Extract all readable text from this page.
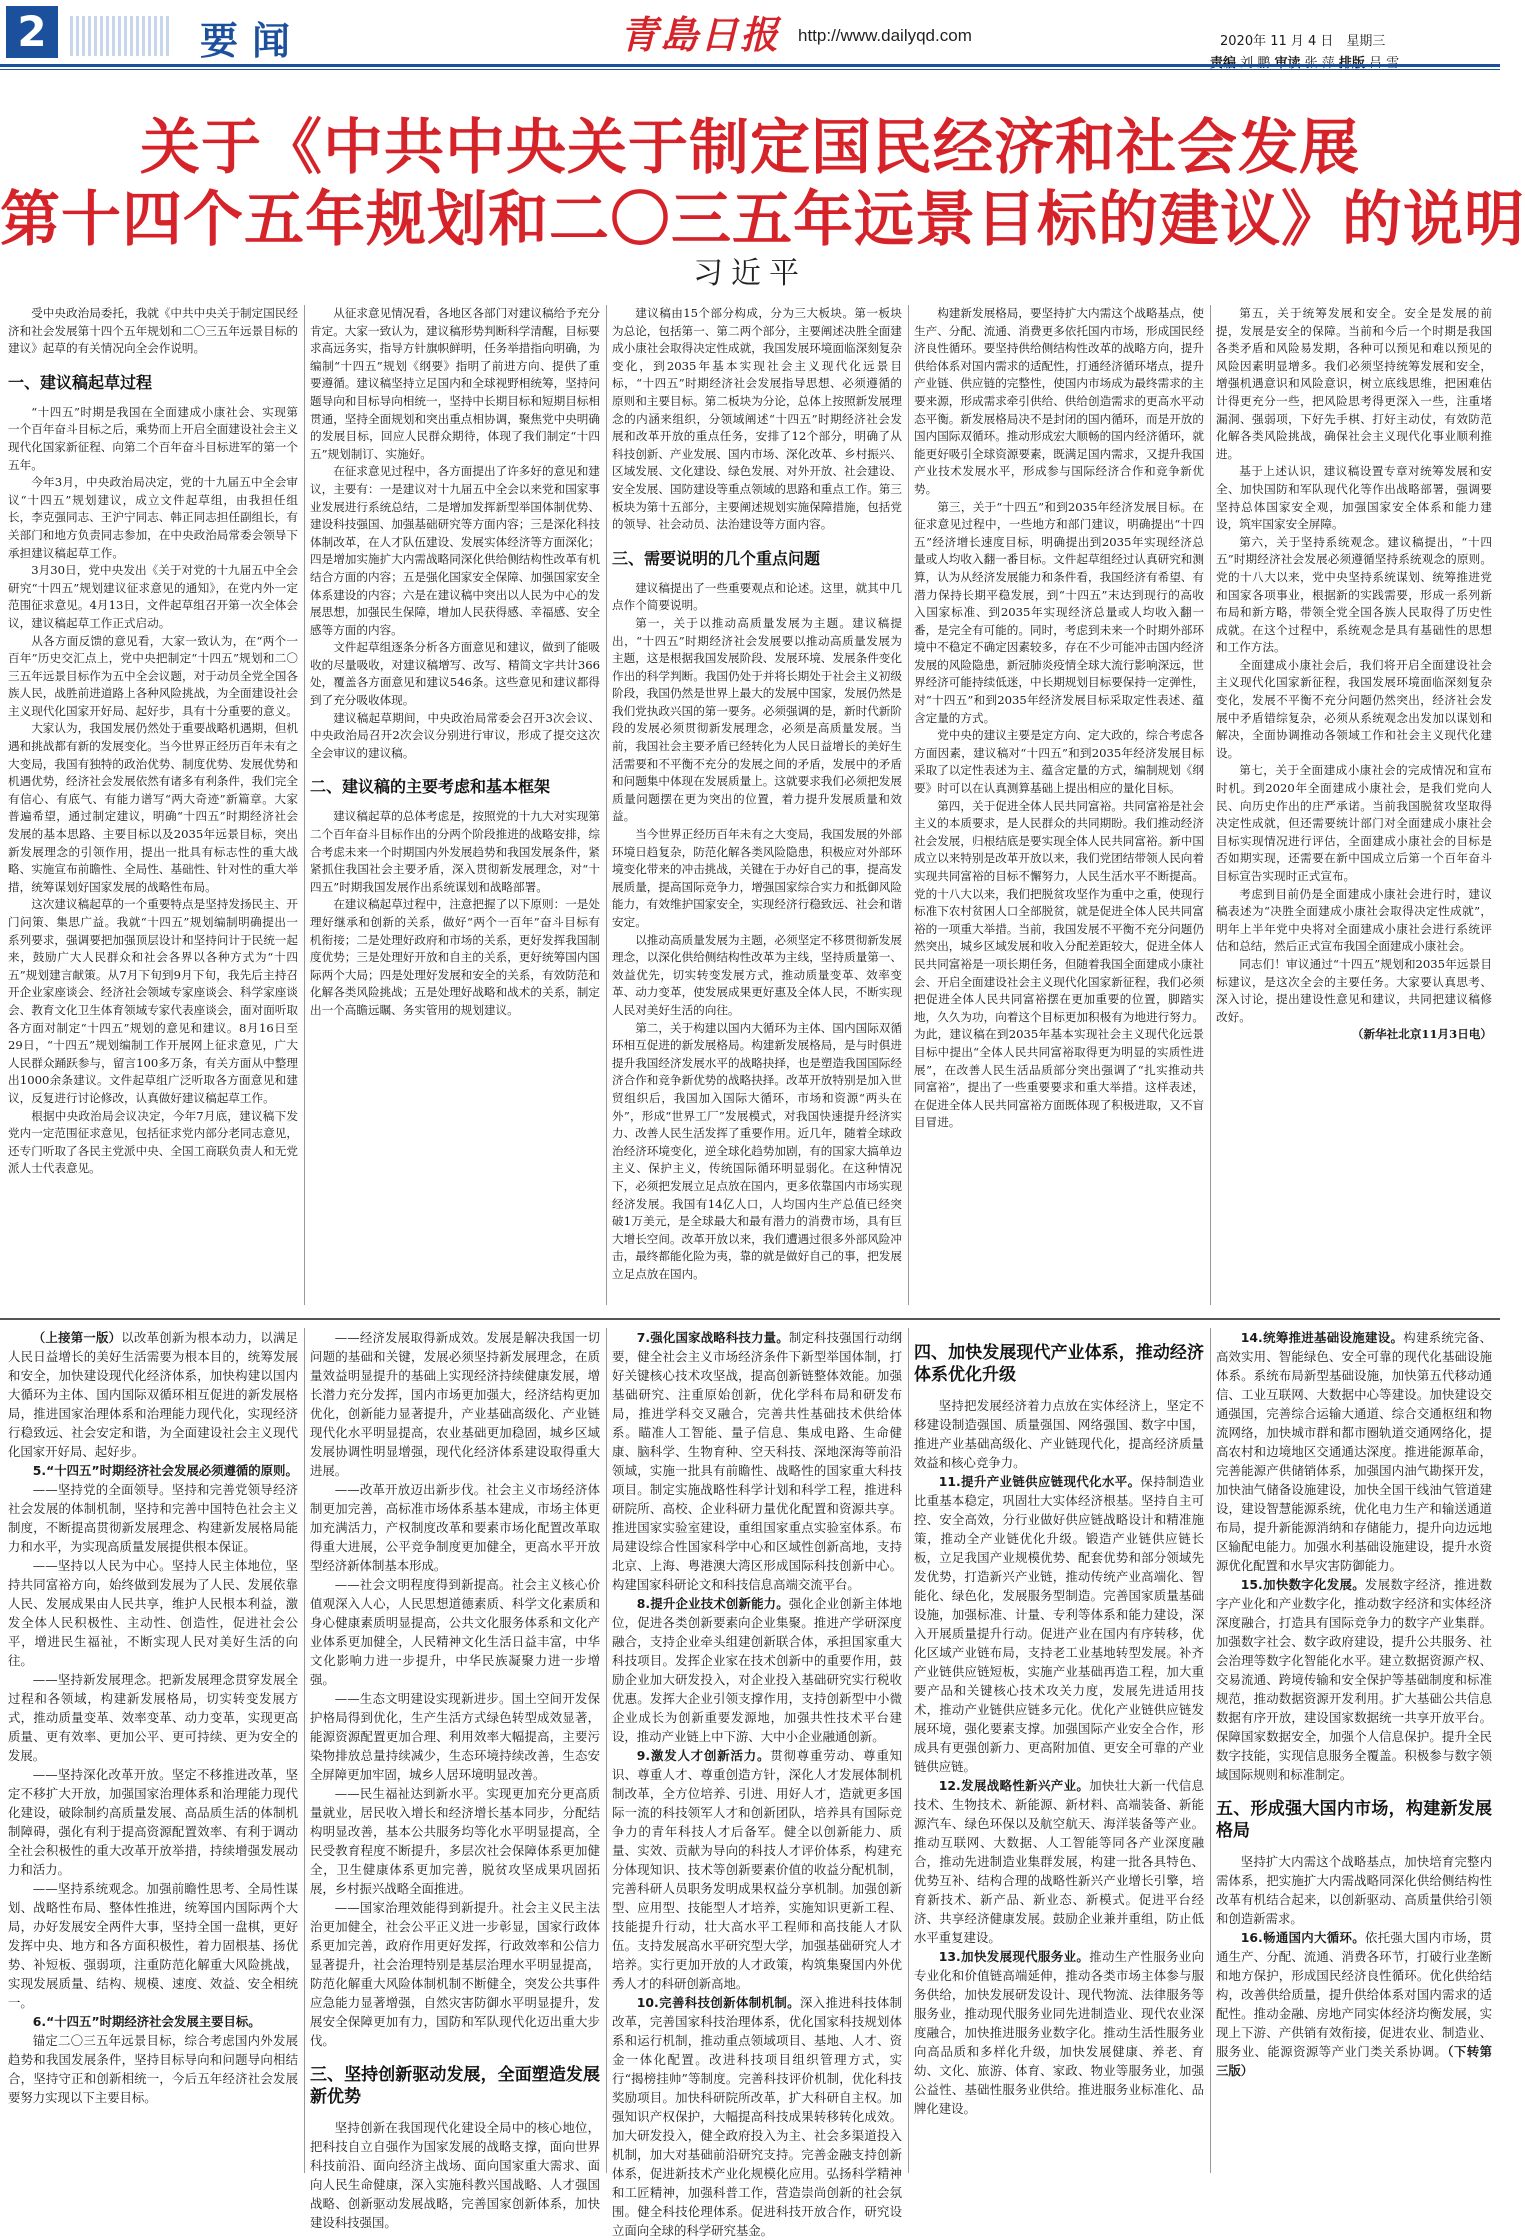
2	要闻	青島日报 http://www.dailyqd.com	2020年 11 月 4 日　星期三
关于《中共中央关于制定国民经济和社会发展
第十四个五年规划和二〇三五年远景目标的建议》的说明
习近平

受中央政治局委托，我就《中共中央关于制定国民经济和社会发展第十四个五年规划和二〇三五年远景目标的建议》起草的有关情况向全会作说明。

一、建议稿起草过程

“十四五”时期是我国在全面建成小康社会、实现第一个百年奋斗目标之后，乘势而上开启全面建设社会主义现代化国家新征程、向第二个百年奋斗目标进军的第一个五年。

今年3月，中央政治局决定，党的十九届五中全会审议“十四五”规划建议，成立文件起草组，由我担任组长，李克强同志、王沪宁同志、韩正同志担任副组长，有关部门和地方负责同志参加，在中央政治局常委会领导下承担建议稿起草工作。

3月30日，党中央发出《关于对党的十九届五中全会研究“十四五”规划建议征求意见的通知》，在党内外一定范围征求意见。4月13日，文件起草组召开第一次全体会议，建议稿起草工作正式启动。

从各方面反馈的意见看，大家一致认为，在“两个一百年”历史交汇点上，党中央把制定“十四五”规划和二〇三五年远景目标作为五中全会议题，对于动员全党全国各族人民，战胜前进道路上各种风险挑战，为全面建设社会主义现代化国家开好局、起好步，具有十分重要的意义。

大家认为，我国发展仍然处于重要战略机遇期，但机遇和挑战都有新的发展变化。当今世界正经历百年未有之大变局，我国有独特的政治优势、制度优势、发展优势和机遇优势，经济社会发展依然有诸多有利条件，我们完全有信心、有底气、有能力谱写“两大奇迹”新篇章。大家普遍希望，通过制定建议，明确“十四五”时期经济社会发展的基本思路、主要目标以及2035年远景目标，突出新发展理念的引领作用，提出一批具有标志性的重大战略、实施宣布前瞻性、全局性、基础性、针对性的重大举措，统筹谋划好国家发展的战略性布局。

这次建议稿起草的一个重要特点是坚持发扬民主、开门问策、集思广益。我就“十四五”规划编制明确提出一系列要求，强调要把加强顶层设计和坚持问计于民统一起来，鼓励广大人民群众和社会各界以各种方式为“十四五”规划建言献策。从7月下旬到9月下旬，我先后主持召开企业家座谈会、经济社会领域专家座谈会、科学家座谈会、教育文化卫生体育领域专家代表座谈会，面对面听取各方面对制定“十四五”规划的意见和建议。8月16日至29日，“十四五”规划编制工作开展网上征求意见，广大人民群众踊跃参与，留言100多万条，有关方面从中整理出1000余条建议。文件起草组广泛听取各方面意见和建议，反复进行讨论修改，认真做好建议稿起草工作。

根据中央政治局会议决定，今年7月底，建议稿下发党内一定范围征求意见，包括征求党内部分老同志意见，还专门听取了各民主党派中央、全国工商联负责人和无党派人士代表意见。

从征求意见情况看，各地区各部门对建议稿给予充分肯定。大家一致认为，建议稿形势判断科学清醒，目标要求高远务实，指导方针旗帜鲜明，任务举措指向明确，为编制“十四五”规划《纲要》指明了前进方向、提供了重要遵循。建议稿坚持立足国内和全球视野相统筹，坚持问题导向和目标导向相统一，坚持中长期目标和短期目标相贯通，坚持全面规划和突出重点相协调，聚焦党中央明确的发展目标，回应人民群众期待，体现了我们制定“十四五”规划制订、实施好。

在征求意见过程中，各方面提出了许多好的意见和建议，主要有：一是建议对十九届五中全会以来党和国家事业发展进行系统总结，二是增加发挥新型举国体制优势、建设科技强国、加强基础研究等方面内容；三是深化科技体制改革，在人才队伍建设、发展实体经济等方面深化；四是增加实施扩大内需战略同深化供给侧结构性改革有机结合方面的内容；五是强化国家安全保障、加强国家安全体系建设的内容；六是在建议稿中突出以人民为中心的发展思想，加强民生保障，增加人民获得感、幸福感、安全感等方面的内容。

文件起草组逐条分析各方面意见和建议，做到了能吸收的尽量吸收，对建议稿增写、改写、精简文字共计366处，覆盖各方面意见和建议546条。这些意见和建议都得到了充分吸收体现。

建议稿起草期间，中央政治局常委会召开3次会议、中央政治局召开2次会议分别进行审议，形成了提交这次全会审议的建议稿。

二、建议稿的主要考虑和基本框架

建议稿起草的总体考虑是，按照党的十九大对实现第二个百年奋斗目标作出的分两个阶段推进的战略安排，综合考虑未来一个时期国内外发展趋势和我国发展条件，紧紧抓住我国社会主要矛盾，深入贯彻新发展理念，对“十四五”时期我国发展作出系统谋划和战略部署。

在建议稿起草过程中，注意把握了以下原则：一是处理好继承和创新的关系，做好“两个一百年”奋斗目标有机衔接；二是处理好政府和市场的关系，更好发挥我国制度优势；三是处理好开放和自主的关系，更好统筹国内国际两个大局；四是处理好发展和安全的关系，有效防范和化解各类风险挑战；五是处理好战略和战术的关系，制定出一个高瞻远瞩、务实管用的规划建议。

建议稿由15个部分构成，分为三大板块。第一板块为总论，包括第一、第二两个部分，主要阐述决胜全面建成小康社会取得决定性成就，我国发展环境面临深刻复杂变化，到2035年基本实现社会主义现代化远景目标，“十四五”时期经济社会发展指导思想、必须遵循的原则和主要目标。第二板块为分论，总体上按照新发展理念的内涵来组织，分领域阐述“十四五”时期经济社会发展和改革开放的重点任务，安排了12个部分，明确了从科技创新、产业发展、国内市场、深化改革、乡村振兴、区域发展、文化建设、绿色发展、对外开放、社会建设、安全发展、国防建设等重点领域的思路和重点工作。第三板块为第十五部分，主要阐述规划实施保障措施，包括党的领导、社会动员、法治建设等方面内容。

三、需要说明的几个重点问题

建议稿提出了一些重要观点和论述。这里，就其中几点作个简要说明。

第一，关于以推动高质量发展为主题。建议稿提出，“十四五”时期经济社会发展要以推动高质量发展为主题，这是根据我国发展阶段、发展环境、发展条件变化作出的科学判断。我国仍处于并将长期处于社会主义初级阶段，我国仍然是世界上最大的发展中国家，发展仍然是我们党执政兴国的第一要务。必须强调的是，新时代新阶段的发展必须贯彻新发展理念，必须是高质量发展。当前，我国社会主要矛盾已经转化为人民日益增长的美好生活需要和不平衡不充分的发展之间的矛盾，发展中的矛盾和问题集中体现在发展质量上。这就要求我们必须把发展质量问题摆在更为突出的位置，着力提升发展质量和效益。

当今世界正经历百年未有之大变局，我国发展的外部环境日趋复杂，防范化解各类风险隐患，积极应对外部环境变化带来的冲击挑战，关键在于办好自己的事，提高发展质量，提高国际竞争力，增强国家综合实力和抵御风险能力，有效维护国家安全，实现经济行稳致远、社会和谐安定。

以推动高质量发展为主题，必须坚定不移贯彻新发展理念，以深化供给侧结构性改革为主线，坚持质量第一、效益优先，切实转变发展方式，推动质量变革、效率变革、动力变革，使发展成果更好惠及全体人民，不断实现人民对美好生活的向往。

第二，关于构建以国内大循环为主体、国内国际双循环相互促进的新发展格局。构建新发展格局，是与时俱进提升我国经济发展水平的战略抉择，也是塑造我国国际经济合作和竞争新优势的战略抉择。改革开放特别是加入世贸组织后，我国加入国际大循环，市场和资源“两头在外”，形成“世界工厂”发展模式，对我国快速提升经济实力、改善人民生活发挥了重要作用。近几年，随着全球政治经济环境变化，逆全球化趋势加剧，有的国家大搞单边主义、保护主义，传统国际循环明显弱化。在这种情况下，必须把发展立足点放在国内，更多依靠国内市场实现经济发展。我国有14亿人口，人均国内生产总值已经突破1万美元，是全球最大和最有潜力的消费市场，具有巨大增长空间。改革开放以来，我们遭遇过很多外部风险冲击，最终都能化险为夷，靠的就是做好自己的事，把发展立足点放在国内。

构建新发展格局，要坚持扩大内需这个战略基点，使生产、分配、流通、消费更多依托国内市场，形成国民经济良性循环。要坚持供给侧结构性改革的战略方向，提升供给体系对国内需求的适配性，打通经济循环堵点，提升产业链、供应链的完整性，使国内市场成为最终需求的主要来源，形成需求牵引供给、供给创造需求的更高水平动态平衡。新发展格局决不是封闭的国内循环，而是开放的国内国际双循环。推动形成宏大顺畅的国内经济循环，就能更好吸引全球资源要素，既满足国内需求，又提升我国产业技术发展水平，形成参与国际经济合作和竞争新优势。

第三，关于“十四五”和到2035年经济发展目标。在征求意见过程中，一些地方和部门建议，明确提出“十四五”经济增长速度目标，明确提出到2035年实现经济总量或人均收入翻一番目标。文件起草组经过认真研究和测算，认为从经济发展能力和条件看，我国经济有希望、有潜力保持长期平稳发展，到“十四五”末达到现行的高收入国家标准、到2035年实现经济总量或人均收入翻一番，是完全有可能的。同时，考虑到未来一个时期外部环境中不稳定不确定因素较多，存在不少可能冲击国内经济发展的风险隐患，新冠肺炎疫情全球大流行影响深远，世界经济可能持续低迷，中长期规划目标要保持一定弹性，对“十四五”和到2035年经济发展目标采取定性表述、蕴含定量的方式。

党中央的建议主要是定方向、定大政的，综合考虑各方面因素，建议稿对“十四五”和到2035年经济发展目标采取了以定性表述为主、蕴含定量的方式，编制规划《纲要》时可以在认真测算基础上提出相应的量化目标。

第四，关于促进全体人民共同富裕。共同富裕是社会主义的本质要求，是人民群众的共同期盼。我们推动经济社会发展，归根结底是要实现全体人民共同富裕。新中国成立以来特别是改革开放以来，我们党团结带领人民向着实现共同富裕的目标不懈努力，人民生活水平不断提高。党的十八大以来，我们把脱贫攻坚作为重中之重，使现行标准下农村贫困人口全部脱贫，就是促进全体人民共同富裕的一项重大举措。当前，我国发展不平衡不充分问题仍然突出，城乡区域发展和收入分配差距较大，促进全体人民共同富裕是一项长期任务，但随着我国全面建成小康社会、开启全面建设社会主义现代化国家新征程，我们必须把促进全体人民共同富裕摆在更加重要的位置，脚踏实地，久久为功，向着这个目标更加积极有为地进行努力。为此，建议稿在到2035年基本实现社会主义现代化远景目标中提出“全体人民共同富裕取得更为明显的实质性进展”，在改善人民生活品质部分突出强调了“扎实推动共同富裕”，提出了一些重要要求和重大举措。这样表述，在促进全体人民共同富裕方面既体现了积极进取，又不盲目冒进。

第五，关于统筹发展和安全。安全是发展的前提，发展是安全的保障。当前和今后一个时期是我国各类矛盾和风险易发期，各种可以预见和难以预见的风险因素明显增多。我们必须坚持统筹发展和安全，增强机遇意识和风险意识，树立底线思维，把困难估计得更充分一些，把风险思考得更深入一些，注重堵漏洞、强弱项，下好先手棋、打好主动仗，有效防范化解各类风险挑战，确保社会主义现代化事业顺利推进。

基于上述认识，建议稿设置专章对统筹发展和安全、加快国防和军队现代化等作出战略部署，强调要坚持总体国家安全观，加强国家安全体系和能力建设，筑牢国家安全屏障。

第六，关于坚持系统观念。建议稿提出，“十四五”时期经济社会发展必须遵循坚持系统观念的原则。党的十八大以来，党中央坚持系统谋划、统筹推进党和国家各项事业，根据新的实践需要，形成一系列新布局和新方略，带领全党全国各族人民取得了历史性成就。在这个过程中，系统观念是具有基础性的思想和工作方法。

全面建成小康社会后，我们将开启全面建设社会主义现代化国家新征程，我国发展环境面临深刻复杂变化，发展不平衡不充分问题仍然突出，经济社会发展中矛盾错综复杂，必须从系统观念出发加以谋划和解决，全面协调推动各领域工作和社会主义现代化建设。

第七，关于全面建成小康社会的完成情况和宣布时机。到2020年全面建成小康社会，是我们党向人民、向历史作出的庄严承诺。当前我国脱贫攻坚取得决定性成就，但还需要统计部门对全面建成小康社会目标实现情况进行评估，全面建成小康社会的目标是否如期实现，还需要在新中国成立后第一个百年奋斗目标宣告实现时正式宣布。

考虑到目前仍是全面建成小康社会进行时，建议稿表述为“决胜全面建成小康社会取得决定性成就”，明年上半年党中央将对全面建成小康社会进行系统评估和总结，然后正式宣布我国全面建成小康社会。

同志们！审议通过“十四五”规划和2035年远景目标建议，是这次全会的主要任务。大家要认真思考、深入讨论，提出建设性意见和建议，共同把建议稿修改好。

（新华社北京11月3日电）

（上接第一版）以改革创新为根本动力，以满足人民日益增长的美好生活需要为根本目的，统筹发展和安全，加快建设现代化经济体系，加快构建以国内大循环为主体、国内国际双循环相互促进的新发展格局，推进国家治理体系和治理能力现代化，实现经济行稳致远、社会安定和谐，为全面建设社会主义现代化国家开好局、起好步。

5.“十四五”时期经济社会发展必须遵循的原则。

——坚持党的全面领导。坚持和完善党领导经济社会发展的体制机制，坚持和完善中国特色社会主义制度，不断提高贯彻新发展理念、构建新发展格局能力和水平，为实现高质量发展提供根本保证。

——坚持以人民为中心。坚持人民主体地位，坚持共同富裕方向，始终做到发展为了人民、发展依靠人民、发展成果由人民共享，维护人民根本利益，激发全体人民积极性、主动性、创造性，促进社会公平，增进民生福祉，不断实现人民对美好生活的向往。

——坚持新发展理念。把新发展理念贯穿发展全过程和各领域，构建新发展格局，切实转变发展方式，推动质量变革、效率变革、动力变革，实现更高质量、更有效率、更加公平、更可持续、更为安全的发展。

——坚持深化改革开放。坚定不移推进改革，坚定不移扩大开放，加强国家治理体系和治理能力现代化建设，破除制约高质量发展、高品质生活的体制机制障碍，强化有利于提高资源配置效率、有利于调动全社会积极性的重大改革开放举措，持续增强发展动力和活力。

——坚持系统观念。加强前瞻性思考、全局性谋划、战略性布局、整体性推进，统筹国内国际两个大局，办好发展安全两件大事，坚持全国一盘棋，更好发挥中央、地方和各方面积极性，着力固根基、扬优势、补短板、强弱项，注重防范化解重大风险挑战，实现发展质量、结构、规模、速度、效益、安全相统一。

6.“十四五”时期经济社会发展主要目标。

锚定二〇三五年远景目标，综合考虑国内外发展趋势和我国发展条件，坚持目标导向和问题导向相结合，坚持守正和创新相统一，今后五年经济社会发展要努力实现以下主要目标。

——经济发展取得新成效。发展是解决我国一切问题的基础和关键，发展必须坚持新发展理念，在质量效益明显提升的基础上实现经济持续健康发展，增长潜力充分发挥，国内市场更加强大，经济结构更加优化，创新能力显著提升，产业基础高级化、产业链现代化水平明显提高，农业基础更加稳固，城乡区域发展协调性明显增强，现代化经济体系建设取得重大进展。

——改革开放迈出新步伐。社会主义市场经济体制更加完善，高标准市场体系基本建成，市场主体更加充满活力，产权制度改革和要素市场化配置改革取得重大进展，公平竞争制度更加健全，更高水平开放型经济新体制基本形成。

——社会文明程度得到新提高。社会主义核心价值观深入人心，人民思想道德素质、科学文化素质和身心健康素质明显提高，公共文化服务体系和文化产业体系更加健全，人民精神文化生活日益丰富，中华文化影响力进一步提升，中华民族凝聚力进一步增强。

——生态文明建设实现新进步。国土空间开发保护格局得到优化，生产生活方式绿色转型成效显著，能源资源配置更加合理、利用效率大幅提高，主要污染物排放总量持续减少，生态环境持续改善，生态安全屏障更加牢固，城乡人居环境明显改善。

——民生福祉达到新水平。实现更加充分更高质量就业，居民收入增长和经济增长基本同步，分配结构明显改善，基本公共服务均等化水平明显提高，全民受教育程度不断提升，多层次社会保障体系更加健全，卫生健康体系更加完善，脱贫攻坚成果巩固拓展，乡村振兴战略全面推进。

——国家治理效能得到新提升。社会主义民主法治更加健全，社会公平正义进一步彰显，国家行政体系更加完善，政府作用更好发挥，行政效率和公信力显著提升，社会治理特别是基层治理水平明显提高，防范化解重大风险体制机制不断健全，突发公共事件应急能力显著增强，自然灾害防御水平明显提升，发展安全保障更加有力，国防和军队现代化迈出重大步伐。

三、坚持创新驱动发展，全面塑造发展新优势

坚持创新在我国现代化建设全局中的核心地位，把科技自立自强作为国家发展的战略支撑，面向世界科技前沿、面向经济主战场、面向国家重大需求、面向人民生命健康，深入实施科教兴国战略、人才强国战略、创新驱动发展战略，完善国家创新体系，加快建设科技强国。

7.强化国家战略科技力量。制定科技强国行动纲要，健全社会主义市场经济条件下新型举国体制，打好关键核心技术攻坚战，提高创新链整体效能。加强基础研究、注重原始创新，优化学科布局和研发布局，推进学科交叉融合，完善共性基础技术供给体系。瞄准人工智能、量子信息、集成电路、生命健康、脑科学、生物育种、空天科技、深地深海等前沿领域，实施一批具有前瞻性、战略性的国家重大科技项目。制定实施战略性科学计划和科学工程，推进科研院所、高校、企业科研力量优化配置和资源共享。推进国家实验室建设，重组国家重点实验室体系。布局建设综合性国家科学中心和区域性创新高地，支持北京、上海、粤港澳大湾区形成国际科技创新中心。构建国家科研论文和科技信息高端交流平台。

8.提升企业技术创新能力。强化企业创新主体地位，促进各类创新要素向企业集聚。推进产学研深度融合，支持企业牵头组建创新联合体，承担国家重大科技项目。发挥企业家在技术创新中的重要作用，鼓励企业加大研发投入，对企业投入基础研究实行税收优惠。发挥大企业引领支撑作用，支持创新型中小微企业成长为创新重要发源地，加强共性技术平台建设，推动产业链上中下游、大中小企业融通创新。

9.激发人才创新活力。贯彻尊重劳动、尊重知识、尊重人才、尊重创造方针，深化人才发展体制机制改革，全方位培养、引进、用好人才，造就更多国际一流的科技领军人才和创新团队，培养具有国际竞争力的青年科技人才后备军。健全以创新能力、质量、实效、贡献为导向的科技人才评价体系，构建充分体现知识、技术等创新要素价值的收益分配机制，完善科研人员职务发明成果权益分享机制。加强创新型、应用型、技能型人才培养，实施知识更新工程、技能提升行动，壮大高水平工程师和高技能人才队伍。支持发展高水平研究型大学，加强基础研究人才培养。实行更加开放的人才政策，构筑集聚国内外优秀人才的科研创新高地。

10.完善科技创新体制机制。深入推进科技体制改革，完善国家科技治理体系，优化国家科技规划体系和运行机制，推动重点领域项目、基地、人才、资金一体化配置。改进科技项目组织管理方式，实行“揭榜挂帅”等制度。完善科技评价机制，优化科技奖励项目。加快科研院所改革，扩大科研自主权。加强知识产权保护，大幅提高科技成果转移转化成效。加大研发投入，健全政府投入为主、社会多渠道投入机制，加大对基础前沿研究支持。完善金融支持创新体系，促进新技术产业化规模化应用。弘扬科学精神和工匠精神，加强科普工作，营造崇尚创新的社会氛围。健全科技伦理体系。促进科技开放合作，研究设立面向全球的科学研究基金。

四、加快发展现代产业体系，推动经济体系优化升级

坚持把发展经济着力点放在实体经济上，坚定不移建设制造强国、质量强国、网络强国、数字中国，推进产业基础高级化、产业链现代化，提高经济质量效益和核心竞争力。

11.提升产业链供应链现代化水平。保持制造业比重基本稳定，巩固壮大实体经济根基。坚持自主可控、安全高效，分行业做好供应链战略设计和精准施策，推动全产业链优化升级。锻造产业链供应链长板，立足我国产业规模优势、配套优势和部分领域先发优势，打造新兴产业链，推动传统产业高端化、智能化、绿色化，发展服务型制造。完善国家质量基础设施，加强标准、计量、专利等体系和能力建设，深入开展质量提升行动。促进产业在国内有序转移，优化区域产业链布局，支持老工业基地转型发展。补齐产业链供应链短板，实施产业基础再造工程，加大重要产品和关键核心技术攻关力度，发展先进适用技术，推动产业链供应链多元化。优化产业链供应链发展环境，强化要素支撑。加强国际产业安全合作，形成具有更强创新力、更高附加值、更安全可靠的产业链供应链。

12.发展战略性新兴产业。加快壮大新一代信息技术、生物技术、新能源、新材料、高端装备、新能源汽车、绿色环保以及航空航天、海洋装备等产业。推动互联网、大数据、人工智能等同各产业深度融合，推动先进制造业集群发展，构建一批各具特色、优势互补、结构合理的战略性新兴产业增长引擎，培育新技术、新产品、新业态、新模式。促进平台经济、共享经济健康发展。鼓励企业兼并重组，防止低水平重复建设。

13.加快发展现代服务业。推动生产性服务业向专业化和价值链高端延伸，推动各类市场主体参与服务供给，加快发展研发设计、现代物流、法律服务等服务业，推动现代服务业同先进制造业、现代农业深度融合，加快推进服务业数字化。推动生活性服务业向高品质和多样化升级，加快发展健康、养老、育幼、文化、旅游、体育、家政、物业等服务业，加强公益性、基础性服务业供给。推进服务业标准化、品牌化建设。

14.统筹推进基础设施建设。构建系统完备、高效实用、智能绿色、安全可靠的现代化基础设施体系。系统布局新型基础设施，加快第五代移动通信、工业互联网、大数据中心等建设。加快建设交通强国，完善综合运输大通道、综合交通枢纽和物流网络，加快城市群和都市圈轨道交通网络化，提高农村和边境地区交通通达深度。推进能源革命，完善能源产供储销体系，加强国内油气勘探开发，加快油气储备设施建设，加快全国干线油气管道建设，建设智慧能源系统，优化电力生产和输送通道布局，提升新能源消纳和存储能力，提升向边远地区输配电能力。加强水利基础设施建设，提升水资源优化配置和水旱灾害防御能力。

15.加快数字化发展。发展数字经济，推进数字产业化和产业数字化，推动数字经济和实体经济深度融合，打造具有国际竞争力的数字产业集群。加强数字社会、数字政府建设，提升公共服务、社会治理等数字化智能化水平。建立数据资源产权、交易流通、跨境传输和安全保护等基础制度和标准规范，推动数据资源开发利用。扩大基础公共信息数据有序开放，建设国家数据统一共享开放平台。保障国家数据安全，加强个人信息保护。提升全民数字技能，实现信息服务全覆盖。积极参与数字领域国际规则和标准制定。

五、形成强大国内市场，构建新发展格局

坚持扩大内需这个战略基点，加快培育完整内需体系，把实施扩大内需战略同深化供给侧结构性改革有机结合起来，以创新驱动、高质量供给引领和创造新需求。

16.畅通国内大循环。依托强大国内市场，贯通生产、分配、流通、消费各环节，打破行业垄断和地方保护，形成国民经济良性循环。优化供给结构，改善供给质量，提升供给体系对国内需求的适配性。推动金融、房地产同实体经济均衡发展，实现上下游、产供销有效衔接，促进农业、制造业、服务业、能源资源等产业门类关系协调。（下转第三版）
